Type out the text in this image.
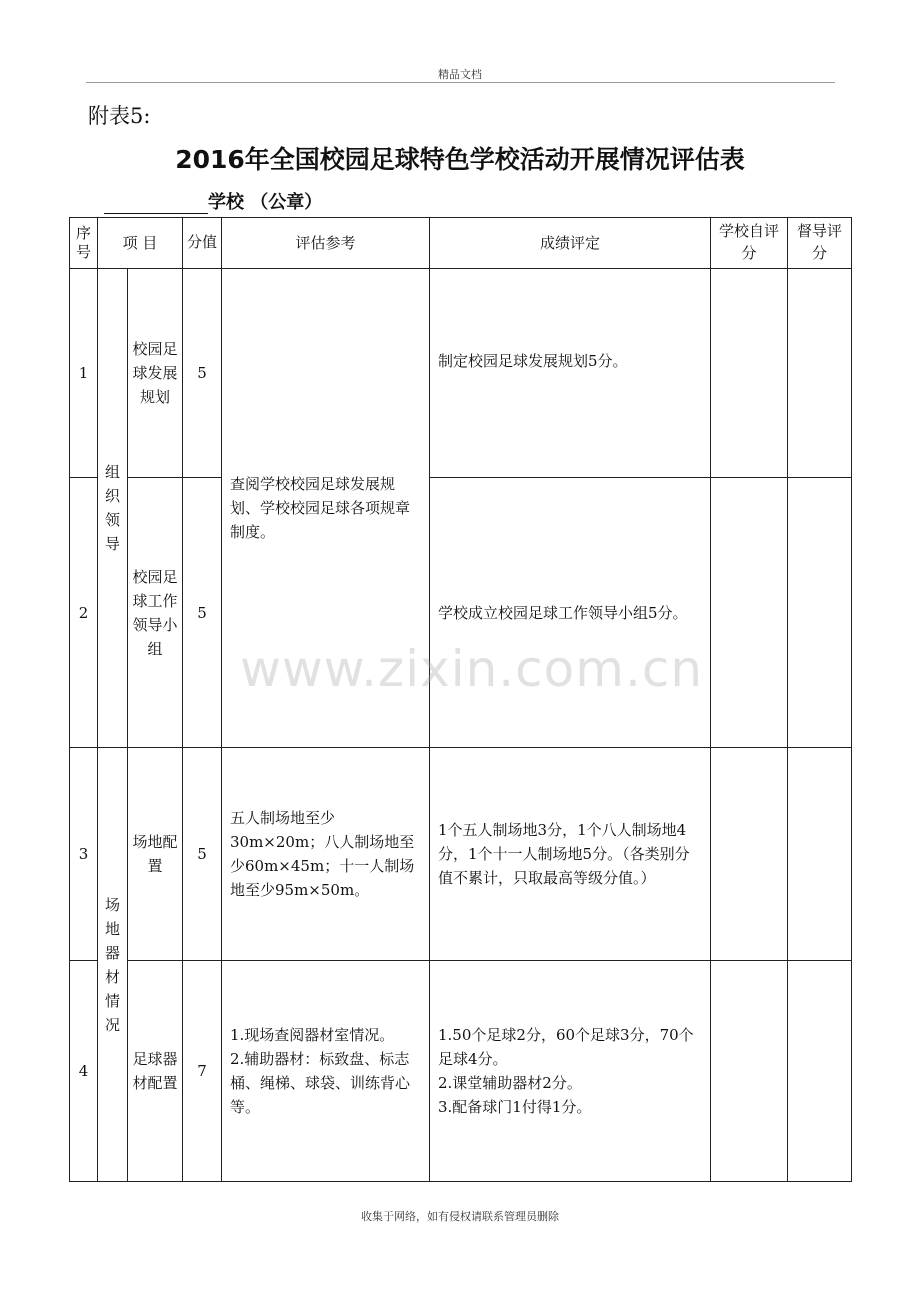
精品文档
附表5:
2016年全国校园足球特色学校活动开展情况评估表
学校 （公章）
序号	项 目		分值	评估参考	成绩评定	学校自评分	督导评分
1	组织领导	校园足球发展规划	5	查阅学校校园足球发展规划、学校校园足球各项规章制度。	制定校园足球发展规划5分。		
2		校园足球工作领导小组	5		学校成立校园足球工作领导小组5分。		
3	场地器材情况	场地配置	5	五人制场地至少30m×20m；八人制场地至少60m×45m；十一人制场地至少95m×50m。	1个五人制场地3分，1个八人制场地4分，1个十一人制场地5分。（各类别分值不累计，只取最高等级分值。）		
4		足球器材配置	7	1.现场查阅器材室情况。
2.辅助器材：标致盘、标志桶、绳梯、球袋、训练背心等。	1.50个足球2分，60个足球3分，70个足球4分。
2.课堂辅助器材2分。
3.配备球门1付得1分。		
www.zixin.com.cn
收集于网络，如有侵权请联系管理员删除
